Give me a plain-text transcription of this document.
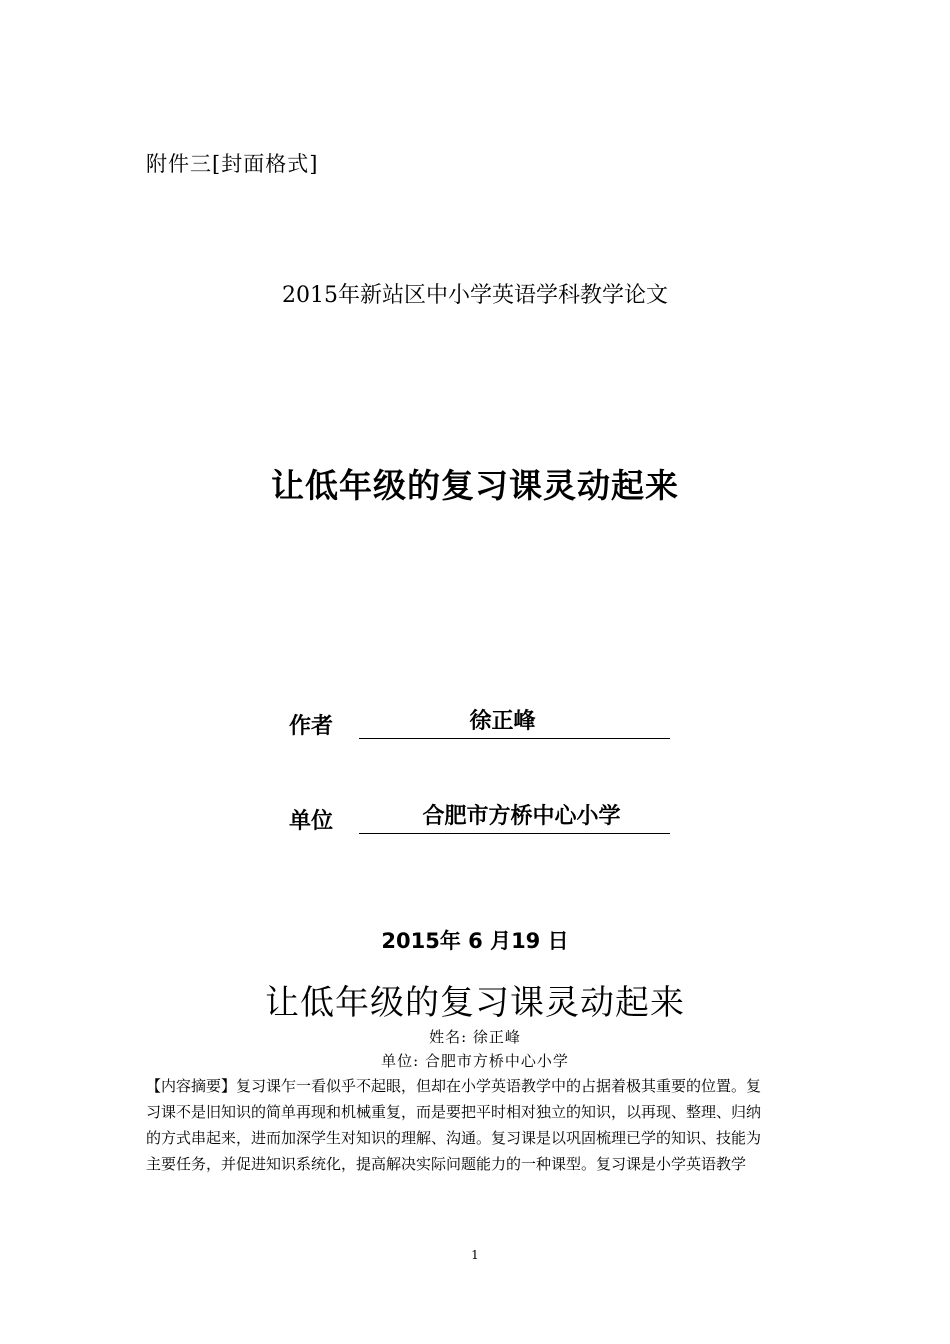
附件三[封面格式]
2015年新站区中小学英语学科教学论文
让低年级的复习课灵动起来
作者	徐正峰
单位	合肥市方桥中心小学
2015年 6 月19 日
让低年级的复习课灵动起来
姓名: 徐正峰
单位: 合肥市方桥中心小学
【内容摘要】复习课乍一看似乎不起眼，但却在小学英语教学中的占据着极其重要的位置。复
习课不是旧知识的简单再现和机械重复，而是要把平时相对独立的知识，以再现、整理、归纳
的方式串起来，进而加深学生对知识的理解、沟通。复习课是以巩固梳理已学的知识、技能为
主要任务，并促进知识系统化，提高解决实际问题能力的一种课型。复习课是小学英语教学
1
